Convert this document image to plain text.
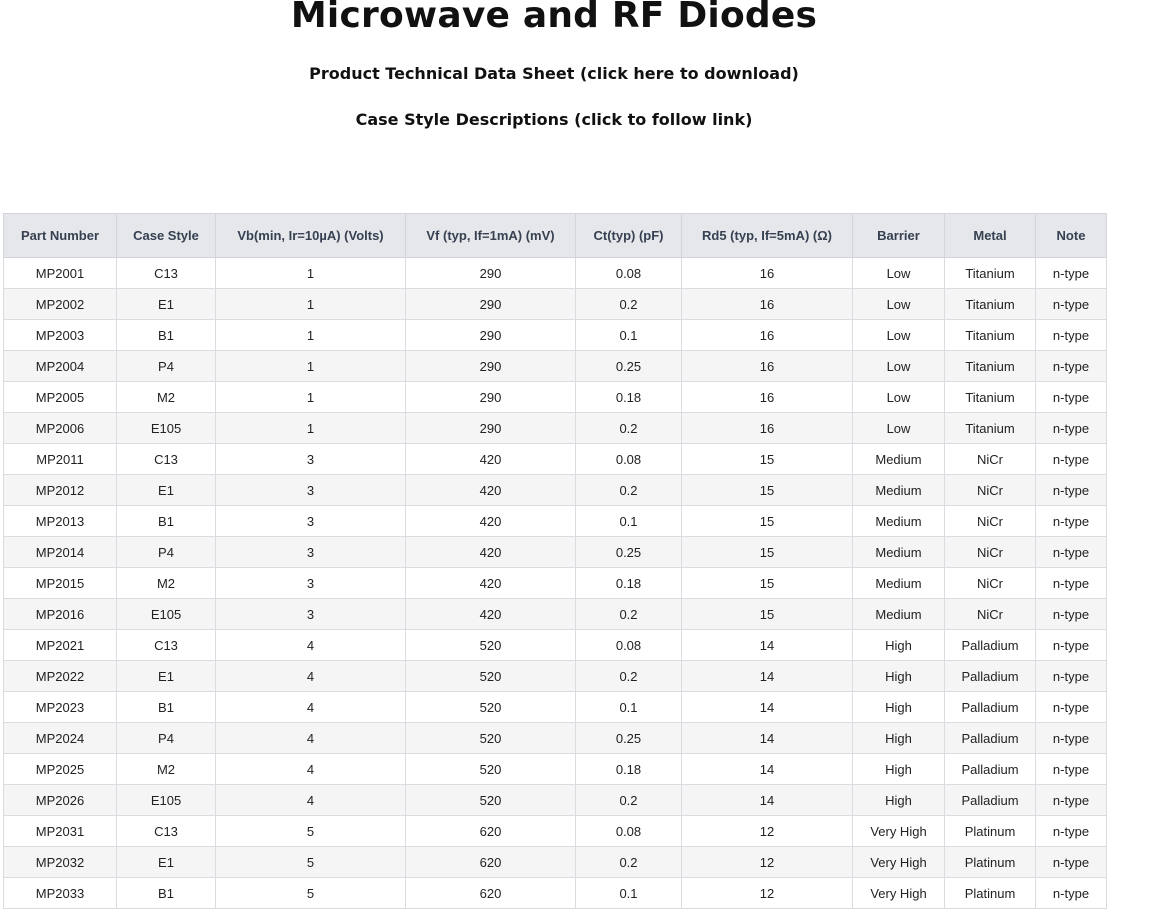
Microwave and RF Diodes
Product Technical Data Sheet (click here to download)
Case Style Descriptions (click to follow link)
Part Number	Case Style	Vb(min, Ir=10µA) (Volts)	Vf (typ, If=1mA) (mV)	Ct(typ) (pF)	Rd5 (typ, If=5mA) (Ω)	Barrier	Metal	Note
MP2001	C13	1	290	0.08	16	Low	Titanium	n-type
MP2002	E1	1	290	0.2	16	Low	Titanium	n-type
MP2003	B1	1	290	0.1	16	Low	Titanium	n-type
MP2004	P4	1	290	0.25	16	Low	Titanium	n-type
MP2005	M2	1	290	0.18	16	Low	Titanium	n-type
MP2006	E105	1	290	0.2	16	Low	Titanium	n-type
MP2011	C13	3	420	0.08	15	Medium	NiCr	n-type
MP2012	E1	3	420	0.2	15	Medium	NiCr	n-type
MP2013	B1	3	420	0.1	15	Medium	NiCr	n-type
MP2014	P4	3	420	0.25	15	Medium	NiCr	n-type
MP2015	M2	3	420	0.18	15	Medium	NiCr	n-type
MP2016	E105	3	420	0.2	15	Medium	NiCr	n-type
MP2021	C13	4	520	0.08	14	High	Palladium	n-type
MP2022	E1	4	520	0.2	14	High	Palladium	n-type
MP2023	B1	4	520	0.1	14	High	Palladium	n-type
MP2024	P4	4	520	0.25	14	High	Palladium	n-type
MP2025	M2	4	520	0.18	14	High	Palladium	n-type
MP2026	E105	4	520	0.2	14	High	Palladium	n-type
MP2031	C13	5	620	0.08	12	Very High	Platinum	n-type
MP2032	E1	5	620	0.2	12	Very High	Platinum	n-type
MP2033	B1	5	620	0.1	12	Very High	Platinum	n-type
